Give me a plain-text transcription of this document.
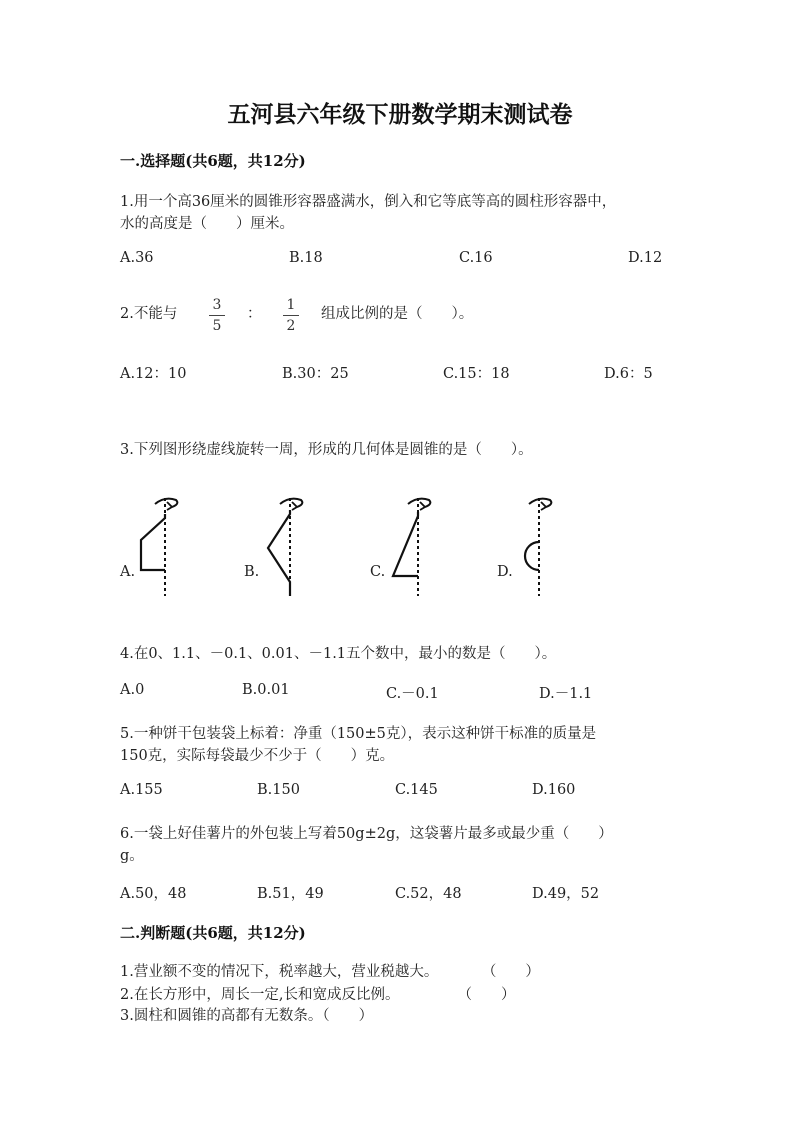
五河县六年级下册数学期末测试卷
一.选择题(共6题，共12分)
1.用一个高36厘米的圆锥形容器盛满水，倒入和它等底等高的圆柱形容器中，
水的高度是（　　）厘米。
A.36	B.18	C.16	D.12
2.不能与
3
5
：
1
2
组成比例的是（　　）。
A.12：10	B.30：25	C.15：18	D.6：5
3.下列图形绕虚线旋转一周，形成的几何体是圆锥的是（　　）。
A.	B.	C.	D.
4.在0、1.1、－0.1、0.01、－1.1五个数中，最小的数是（　　）。
A.0	B.0.01	C.－0.1	D.－1.1
5.一种饼干包装袋上标着：净重（150±5克），表示这种饼干标准的质量是
150克，实际每袋最少不少于（　　）克。
A.155	B.150	C.145	D.160
6.一袋上好佳薯片的外包装上写着50g±2g，这袋薯片最多或最少重（　　）
g。
A.50，48	B.51，49	C.52，48	D.49，52
二.判断题(共6题，共12分)
1.营业额不变的情况下，税率越大，营业税越大。　　　　（　　）
2.在长方形中，周长一定,长和宽成反比例。　　　　　（　　）
3.圆柱和圆锥的高都有无数条。（　　）
